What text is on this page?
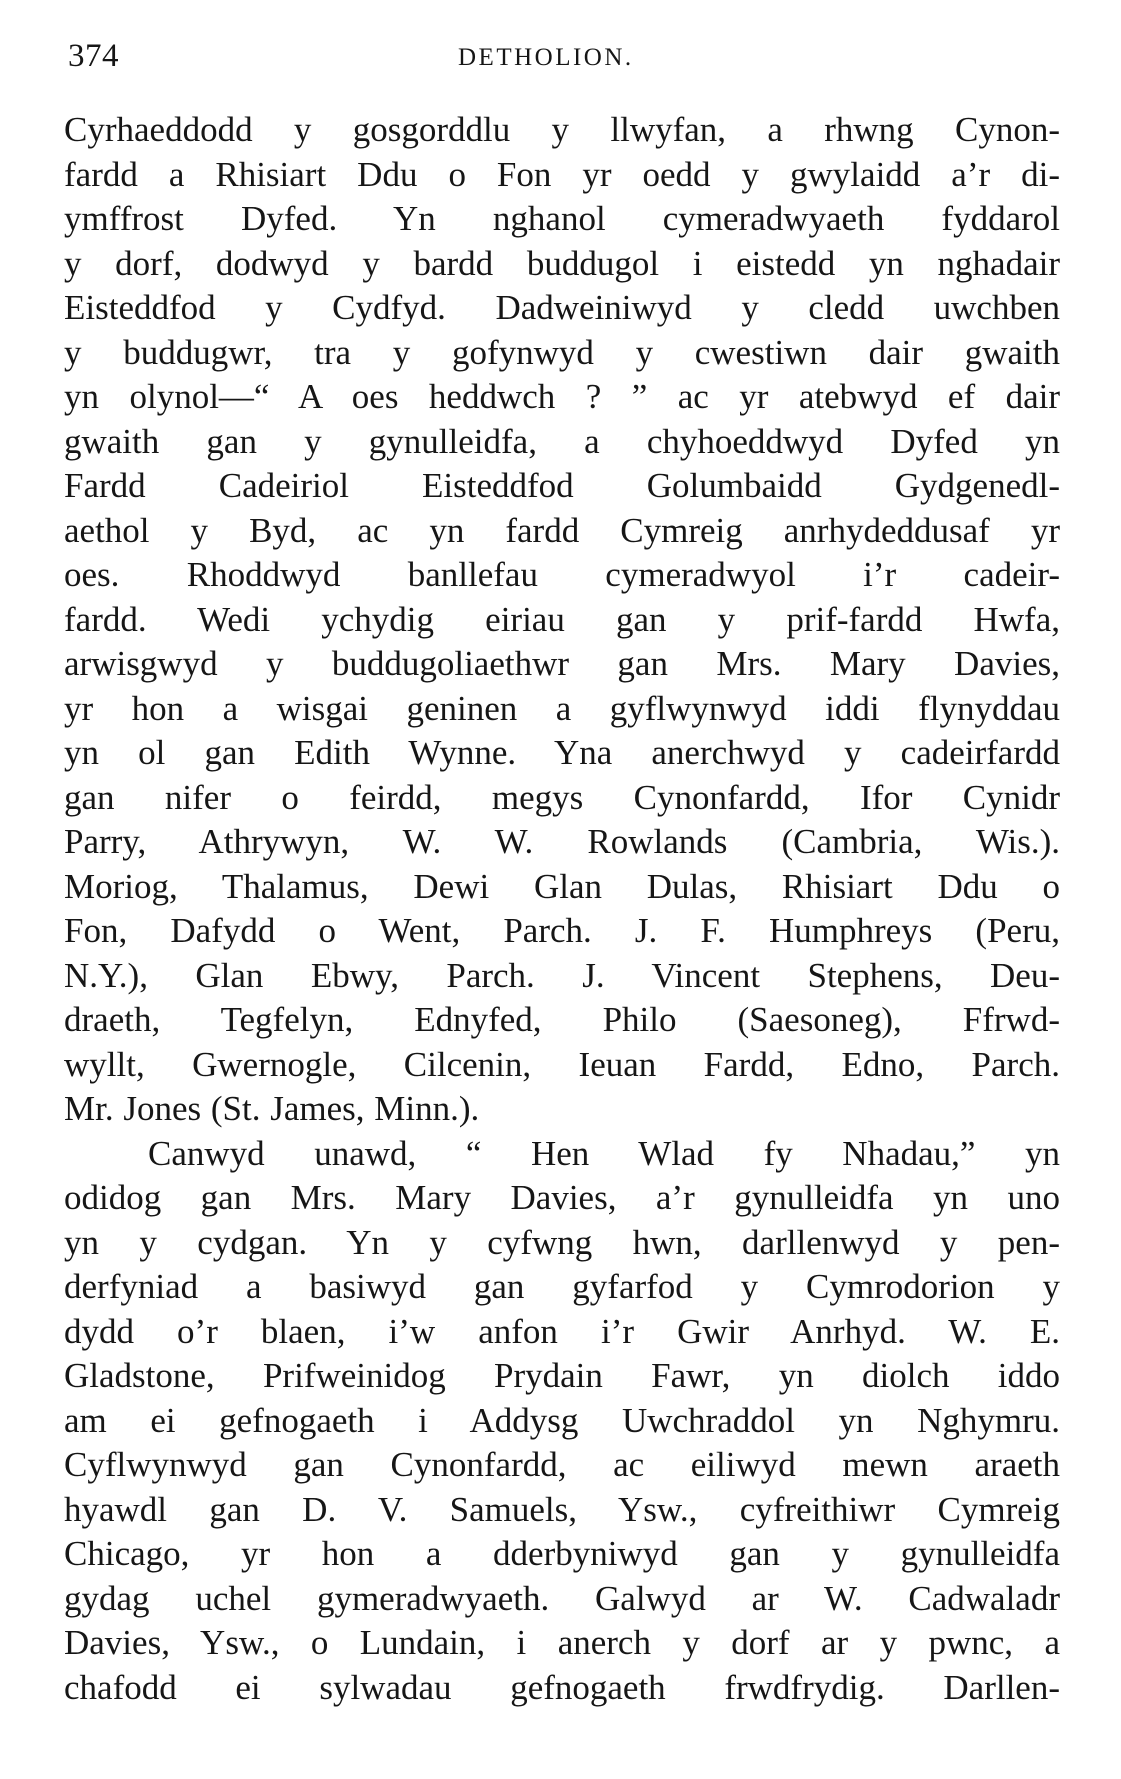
374	DETHOLION.
Cyrhaeddodd y gosgorddlu y llwyfan, a rhwng Cynon-
fardd a Rhisiart Ddu o Fon yr oedd y gwylaidd a’r di-
ymffrost Dyfed. Yn nghanol cymeradwyaeth fyddarol
y dorf, dodwyd y bardd buddugol i eistedd yn nghadair
Eisteddfod y Cydfyd. Dadweiniwyd y cledd uwchben
y buddugwr, tra y gofynwyd y cwestiwn dair gwaith
yn olynol—“ A oes heddwch ? ” ac yr atebwyd ef dair
gwaith gan y gynulleidfa, a chyhoeddwyd Dyfed yn
Fardd Cadeiriol Eisteddfod Golumbaidd Gydgenedl-
aethol y Byd, ac yn fardd Cymreig anrhydeddusaf yr
oes. Rhoddwyd banllefau cymeradwyol i’r cadeir-
fardd. Wedi ychydig eiriau gan y prif-fardd Hwfa,
arwisgwyd y buddugoliaethwr gan Mrs. Mary Davies,
yr hon a wisgai geninen a gyflwynwyd iddi flynyddau
yn ol gan Edith Wynne. Yna anerchwyd y cadeirfardd
gan nifer o feirdd, megys Cynonfardd, Ifor Cynidr
Parry, Athrywyn, W. W. Rowlands (Cambria, Wis.).
Moriog, Thalamus, Dewi Glan Dulas, Rhisiart Ddu o
Fon, Dafydd o Went, Parch. J. F. Humphreys (Peru,
N.Y.), Glan Ebwy, Parch. J. Vincent Stephens, Deu-
draeth, Tegfelyn, Ednyfed, Philo (Saesoneg), Ffrwd-
wyllt, Gwernogle, Cilcenin, Ieuan Fardd, Edno, Parch.
Mr. Jones (St. James, Minn.).
Canwyd unawd, “ Hen Wlad fy Nhadau,” yn
odidog gan Mrs. Mary Davies, a’r gynulleidfa yn uno
yn y cydgan. Yn y cyfwng hwn, darllenwyd y pen-
derfyniad a basiwyd gan gyfarfod y Cymrodorion y
dydd o’r blaen, i’w anfon i’r Gwir Anrhyd. W. E.
Gladstone, Prifweinidog Prydain Fawr, yn diolch iddo
am ei gefnogaeth i Addysg Uwchraddol yn Nghymru.
Cyflwynwyd gan Cynonfardd, ac eiliwyd mewn araeth
hyawdl gan D. V. Samuels, Ysw., cyfreithiwr Cymreig
Chicago, yr hon a dderbyniwyd gan y gynulleidfa
gydag uchel gymeradwyaeth. Galwyd ar W. Cadwaladr
Davies, Ysw., o Lundain, i anerch y dorf ar y pwnc, a
chafodd ei sylwadau gefnogaeth frwdfrydig. Darllen-
